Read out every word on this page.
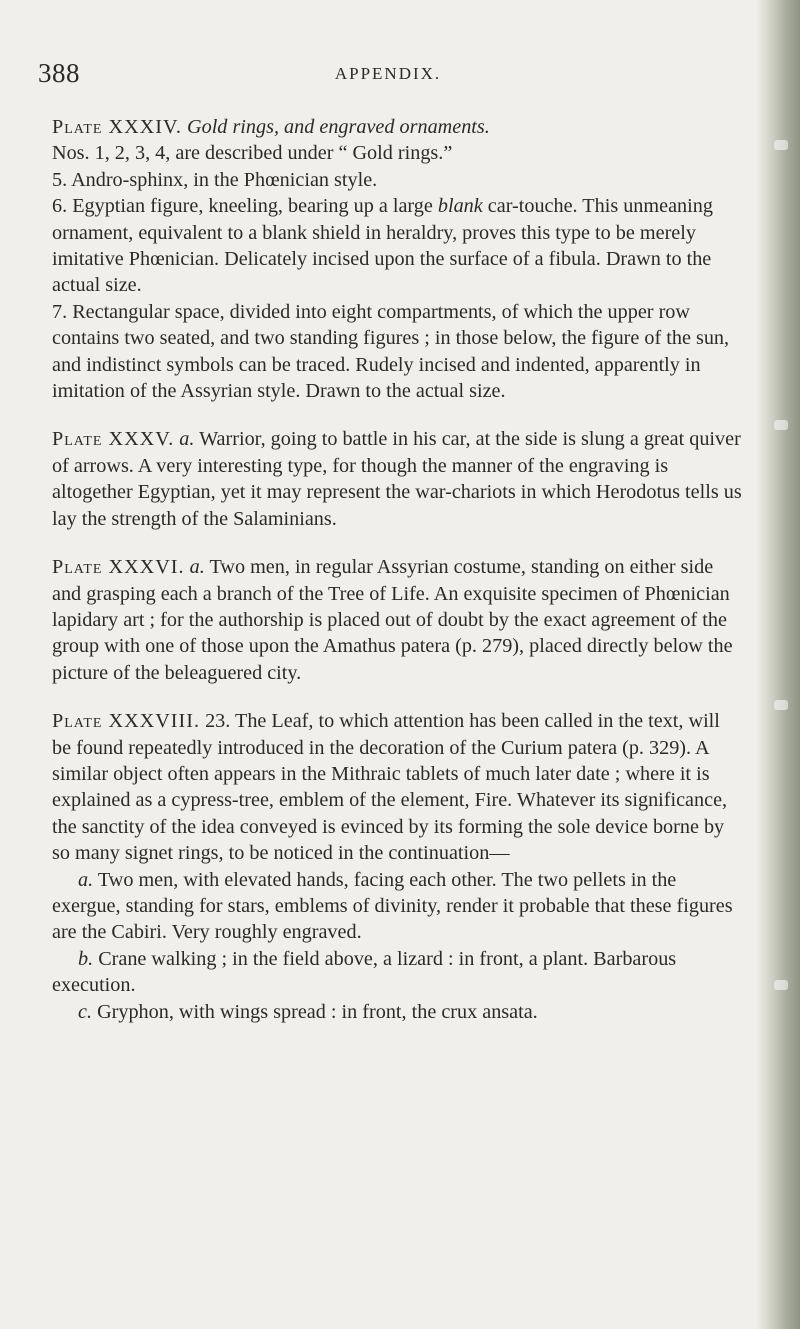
388	APPENDIX.

Plate XXXIV. Gold rings, and engraved ornaments.

Nos. 1, 2, 3, 4, are described under “ Gold rings.”

5. Andro-sphinx, in the Phœnician style.

6. Egyptian figure, kneeling, bearing up a large blank car-touche. This unmeaning ornament, equivalent to a blank shield in heraldry, proves this type to be merely imitative Phœnician. Delicately incised upon the surface of a fibula. Drawn to the actual size.

7. Rectangular space, divided into eight compartments, of which the upper row contains two seated, and two standing figures ; in those below, the figure of the sun, and indistinct symbols can be traced. Rudely incised and indented, apparently in imitation of the Assyrian style. Drawn to the actual size.

Plate XXXV. a. Warrior, going to battle in his car, at the side is slung a great quiver of arrows. A very interesting type, for though the manner of the engraving is altogether Egyptian, yet it may represent the war-chariots in which Herodotus tells us lay the strength of the Salaminians.

Plate XXXVI. a. Two men, in regular Assyrian costume, standing on either side and grasping each a branch of the Tree of Life. An exquisite specimen of Phœnician lapidary art ; for the authorship is placed out of doubt by the exact agreement of the group with one of those upon the Amathus patera (p. 279), placed directly below the picture of the beleaguered city.

Plate XXXVIII. 23. The Leaf, to which attention has been called in the text, will be found repeatedly introduced in the decoration of the Curium patera (p. 329). A similar object often appears in the Mithraic tablets of much later date ; where it is explained as a cypress-tree, emblem of the element, Fire. Whatever its significance, the sanctity of the idea conveyed is evinced by its forming the sole device borne by so many signet rings, to be noticed in the continuation—

a. Two men, with elevated hands, facing each other. The two pellets in the exergue, standing for stars, emblems of divinity, render it probable that these figures are the Cabiri. Very roughly engraved.

b. Crane walking ; in the field above, a lizard : in front, a plant. Barbarous execution.

c. Gryphon, with wings spread : in front, the crux ansata.
